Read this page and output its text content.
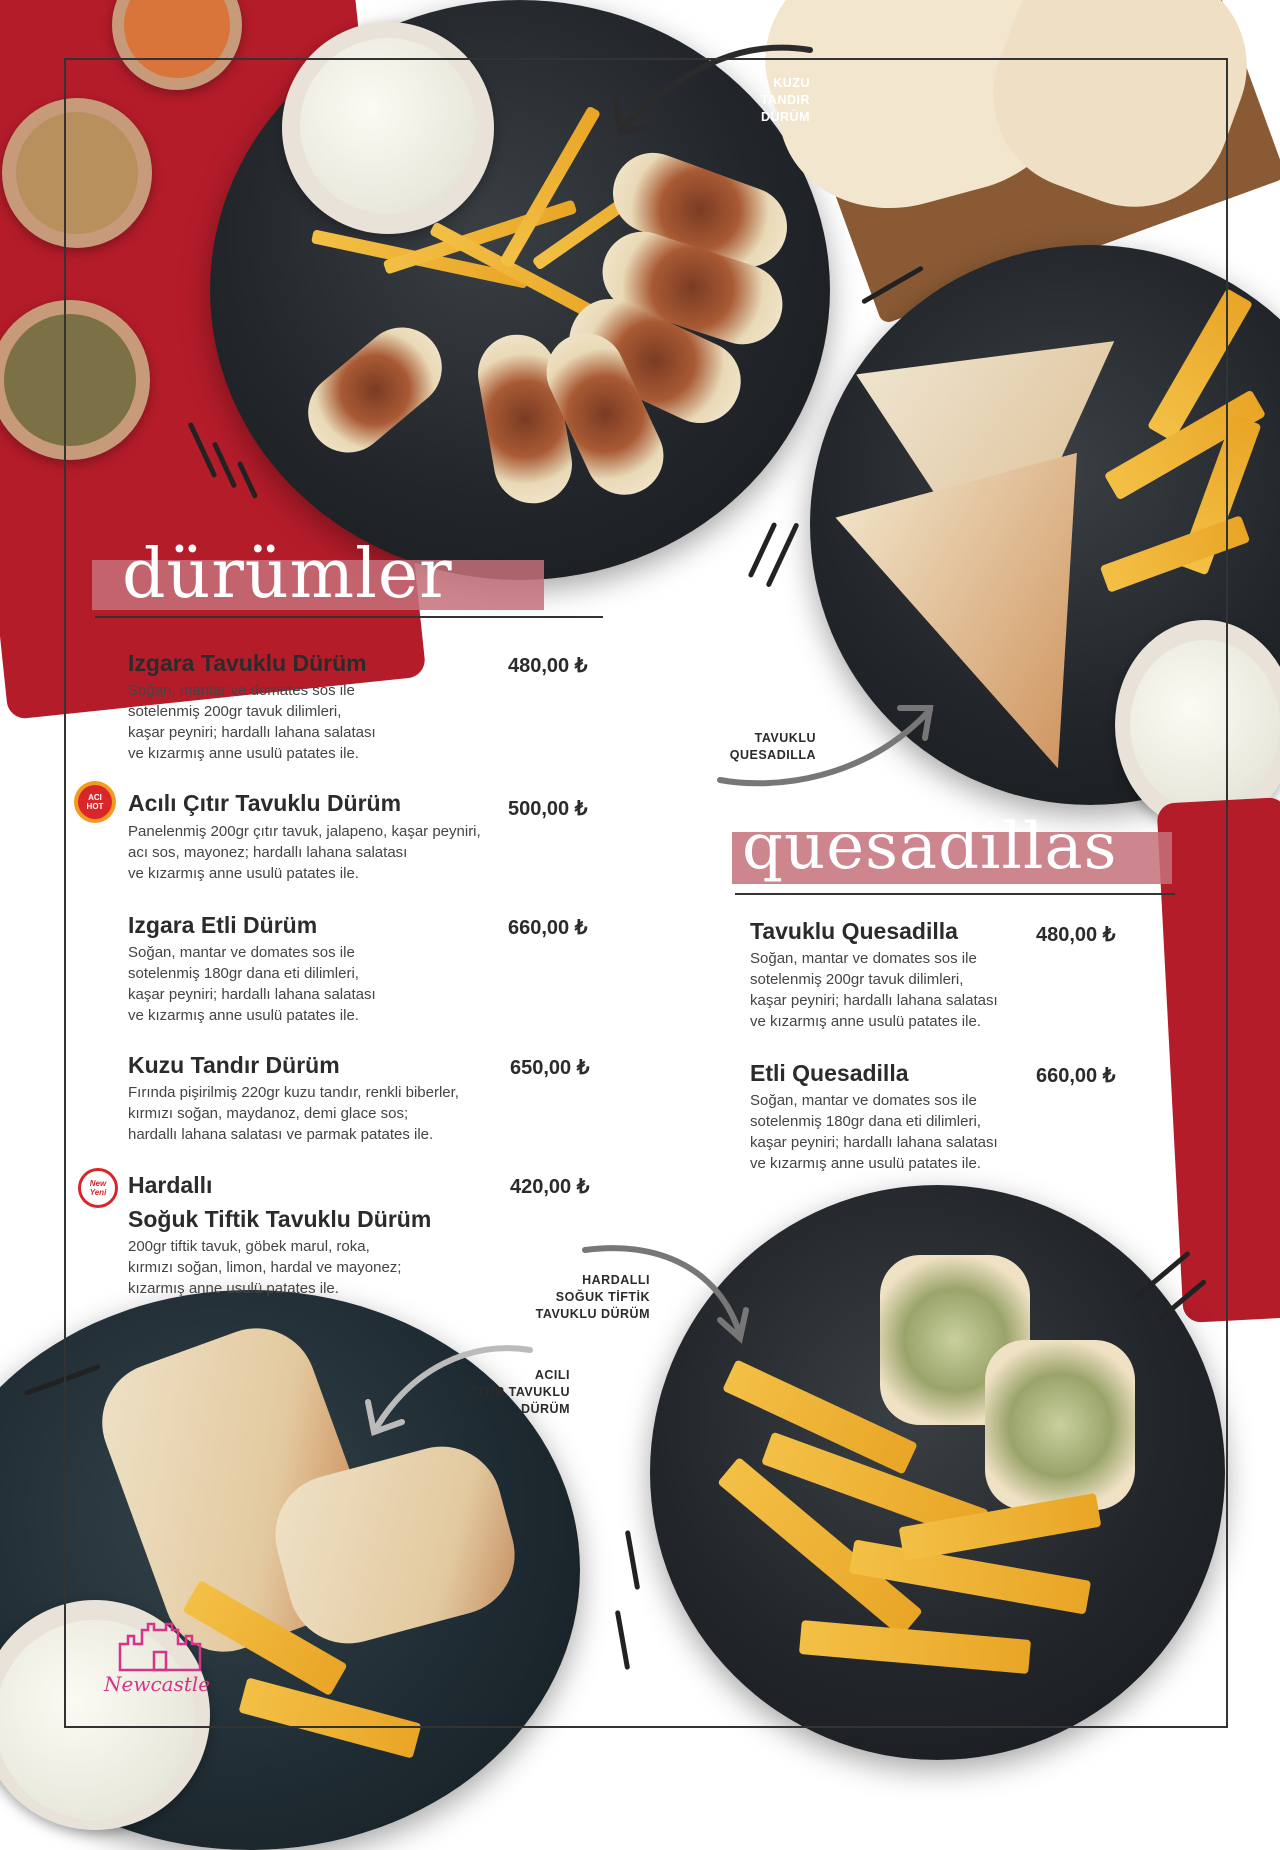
dürümler
Izgara Tavuklu Dürüm	480,00 ₺
Soğan, mantar ve domates sos ile
sotelenmiş 200gr tavuk dilimleri,
kaşar peyniri; hardallı lahana salatası
ve kızarmış anne usulü patates ile.
ACI
HOT Acılı Çıtır Tavuklu Dürüm	500,00 ₺
Panelenmiş 200gr çıtır tavuk, jalapeno, kaşar peyniri,
acı sos, mayonez; hardallı lahana salatası
ve kızarmış anne usulü patates ile.
Izgara Etli Dürüm	660,00 ₺
Soğan, mantar ve domates sos ile
sotelenmiş 180gr dana eti dilimleri,
kaşar peyniri; hardallı lahana salatası
ve kızarmış anne usulü patates ile.
Kuzu Tandır Dürüm	650,00 ₺
Fırında pişirilmiş 220gr kuzu tandır, renkli biberler,
kırmızı soğan, maydanoz, demi glace sos;
hardallı lahana salatası ve parmak patates ile.
New
Yeni Hardallı
Soğuk Tiftik Tavuklu Dürüm
420,00 ₺
200gr tiftik tavuk, göbek marul, roka,
kırmızı soğan, limon, hardal ve mayonez;
kızarmış anne usulü patates ile.
quesadillas
Tavuklu Quesadilla	480,00 ₺
Soğan, mantar ve domates sos ile
sotelenmiş 200gr tavuk dilimleri,
kaşar peyniri; hardallı lahana salatası
ve kızarmış anne usulü patates ile.
Etli Quesadilla	660,00 ₺
Soğan, mantar ve domates sos ile
sotelenmiş 180gr dana eti dilimleri,
kaşar peyniri; hardallı lahana salatası
ve kızarmış anne usulü patates ile.
KUZU
TANDIR
DÜRÜM
TAVUKLU
QUESADILLA
HARDALLI
SOĞUK TİFTİK
TAVUKLU DÜRÜM
ACILI
ÇITIR TAVUKLU
DÜRÜM
Newcastle
